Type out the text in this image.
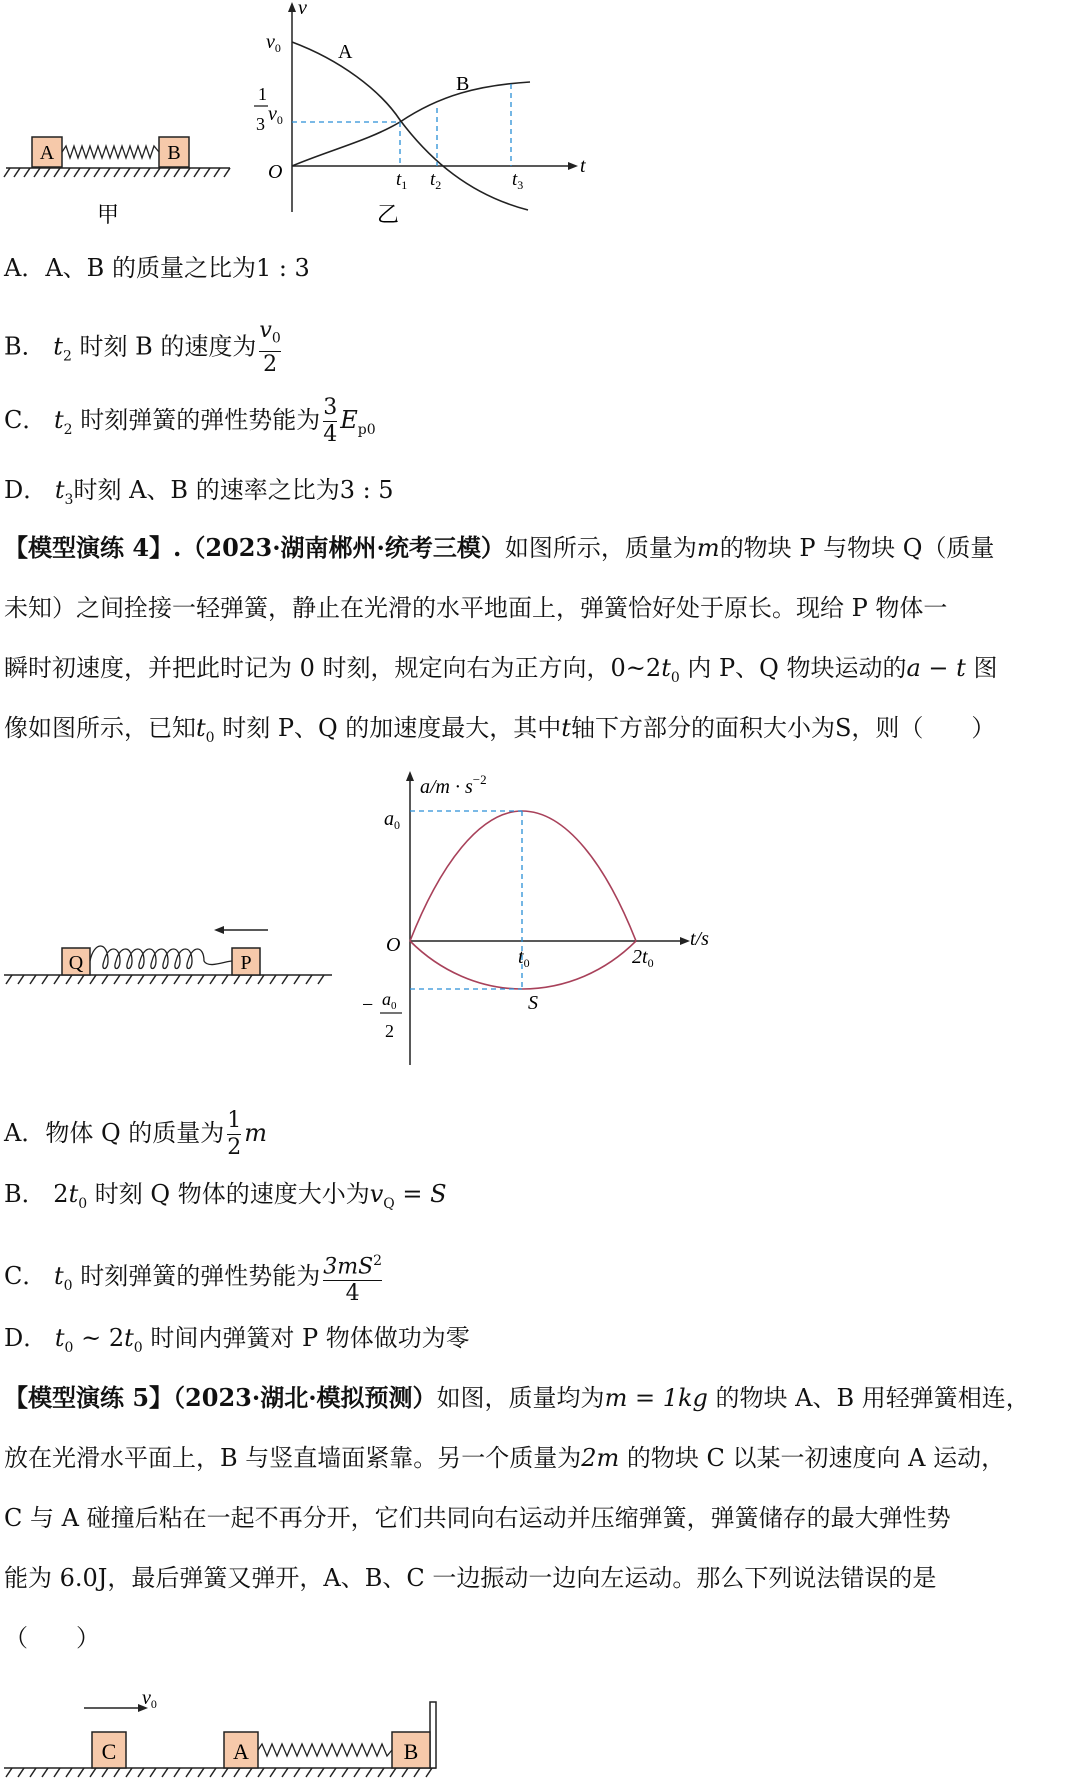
A	B
甲
v
t
O
$v_0$
1
3 $v_0$
A
B
$t_1$ $t_2$	$t_3$
乙
A．A、B 的质量之比为1 : 3
B． $t_2$ 时刻 B 的速度为 $\frac{v_0}{2}$
C． $t_2$ 时刻弹簧的弹性势能为 $\frac{3}{4} E_{p0}$
D． $t_3$时刻 A、B 的速率之比为3 : 5
【模型演练 4】.（2023·湖南郴州·统考三模）如图所示，质量为m的物块 P 与物块 Q（质量
未知）之间拴接一轻弹簧，静止在光滑的水平地面上，弹簧恰好处于原长。现给 P 物体一
瞬时初速度，并把此时记为 0 时刻，规定向右为正方向，$0\sim 2t_0$ 内 P、Q 物块运动的a − t 图
像如图所示，已知$t_0$ 时刻 P、Q 的加速度最大，其中t轴下方部分的面积大小为S，则（　　）
Q	P
$a/m \cdot s^{-2}$
t/s
O
$a_0$
$t_0$	$2t_0$
S
− $a_0$
2
A．物体 Q 的质量为 $\frac{1}{2}$ m
B． $2t_0$ 时刻 Q 物体的速度大小为$v_Q = S$
C． $t_0$ 时刻弹簧的弹性势能为 $\frac{3mS^2}{4}$
D． $t_0$ ~ $2t_0$ 时间内弹簧对 P 物体做功为零
【模型演练 5】（2023·湖北·模拟预测）如图，质量均为m = 1kg 的物块 A、B 用轻弹簧相连，
放在光滑水平面上，B 与竖直墙面紧靠。另一个质量为2m 的物块 C 以某一初速度向 A 运动，
C 与 A 碰撞后粘在一起不再分开，它们共同向右运动并压缩弹簧，弹簧储存的最大弹性势
能为 6.0J，最后弹簧又弹开，A、B、C 一边振动一边向左运动。那么下列说法错误的是
（　　）
$v_0$
C	A	B
